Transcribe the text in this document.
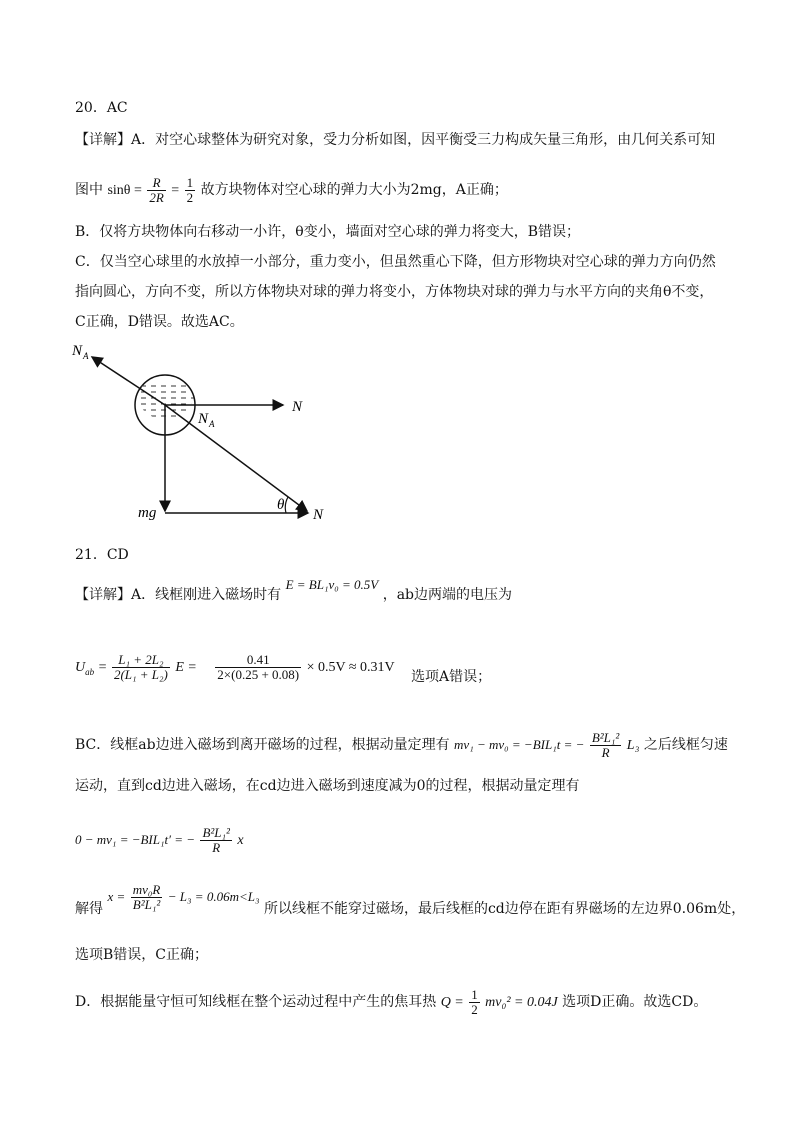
20．AC
【详解】A．对空心球整体为研究对象，受力分析如图，因平衡受三力构成矢量三角形，由几何关系可知
图中 $\sin\theta = \frac{R}{2R} = \frac{1}{2}$ 故方块物体对空心球的弹力大小为2mg，A正确；
B．仅将方块物体向右移动一小许，θ变小，墙面对空心球的弹力将变大，B错误；
C．仅当空心球里的水放掉一小部分，重力变小，但虽然重心下降，但方形物块对空心球的弹力方向仍然
指向圆心，方向不变，所以方体物块对球的弹力将变小，方体物块对球的弹力与水平方向的夹角θ不变，
C正确，D错误。故选AC。
N A
N
N A
mg	θ
N
21．CD
【详解】A．线框刚进入磁场时有 E = BL₁v₀ = 0.5V ，ab边两端的电压为
$U_{ab} = \frac{\text{L₁ + 2L₂}}{\text{2(L₁ + L₂)}}$ $E = \frac{0.41}{2\times(0.25 + 0.08)} \times 0.5V \approx 0.31V$ 选项A错误；
BC．线框ab边进入磁场到离开磁场的过程，根据动量定理有 mv₁ − mv₀ = −BIL₁t = − $\frac{\text{B²L₁²}}{R} L_3$ 之后线框匀速
运动，直到cd边进入磁场，在cd边进入磁场到速度减为0的过程，根据动量定理有
0 − mv₁ = −BIL₁t′ = − $\frac{\text{B²L₁²}}{R}$ x
解得 $x = \frac{\text{mv₀R}}{\text{B²L₁²}} - L_3 = 0.06m<L_3$ 所以线框不能穿过磁场，最后线框的cd边停在距有界磁场的左边界0.06m处，
选项B错误，C正确；
D．根据能量守恒可知线框在整个运动过程中产生的焦耳热 $Q = \frac{1}{2} mv_0^2 = 0.04J$ 选项D正确。故选CD。
